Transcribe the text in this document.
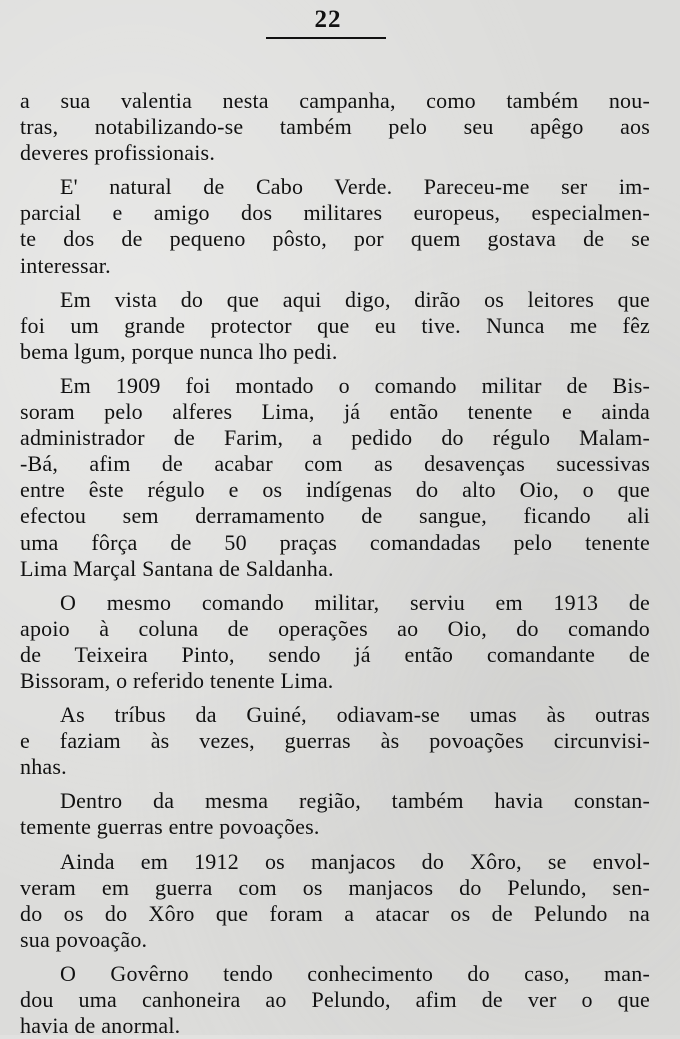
22
a sua valentia nesta campanha, como também nou-
tras, notabilizando-se também pelo seu apêgo aos
deveres profissionais.
E' natural de Cabo Verde. Pareceu-me ser im-
parcial e amigo dos militares europeus, especialmen-
te dos de pequeno pôsto, por quem gostava de se
interessar.
Em vista do que aqui digo, dirão os leitores que
foi um grande protector que eu tive. Nunca me fêz
bema lgum, porque nunca lho pedi.
Em 1909 foi montado o comando militar de Bis-
soram pelo alferes Lima, já então tenente e ainda
administrador de Farim, a pedido do régulo Malam-
-Bá, afim de acabar com as desavenças sucessivas
entre êste régulo e os indígenas do alto Oio, o que
efectou sem derramamento de sangue, ficando ali
uma fôrça de 50 praças comandadas pelo tenente
Lima Marçal Santana de Saldanha.
O mesmo comando militar, serviu em 1913 de
apoio à coluna de operações ao Oio, do comando
de Teixeira Pinto, sendo já então comandante de
Bissoram, o referido tenente Lima.
As tríbus da Guiné, odiavam-se umas às outras
e faziam às vezes, guerras às povoações circunvisi-
nhas.
Dentro da mesma região, também havia constan-
temente guerras entre povoações.
Ainda em 1912 os manjacos do Xôro, se envol-
veram em guerra com os manjacos do Pelundo, sen-
do os do Xôro que foram a atacar os de Pelundo na
sua povoação.
O Govêrno tendo conhecimento do caso, man-
dou uma canhoneira ao Pelundo, afim de ver o que
havia de anormal.
